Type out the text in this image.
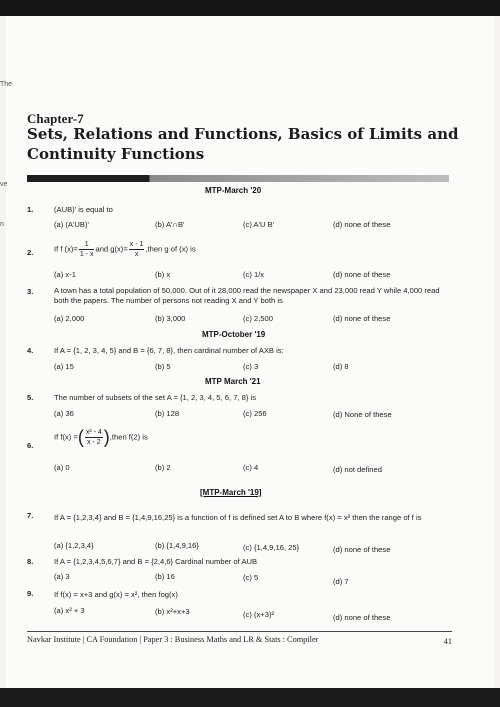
The
ve
n
Chapter-7
Sets, Relations and Functions, Basics of Limits and Continuity Functions
MTP-March '20
1.	(AUB)' is equal to
(a) (A'UB)'	(b) A'∩B'	(c) A'U B'	(d) none of these
2.	If f $(x)= \frac{1}{1 - x}$ and $g(x)= \frac{x - 1}{x}$ ,then g of (x) is
(a) x-1	(b) x	(c) 1/x	(d) none of these
3.	A town has a total population of 50,000. Out of it 28,000 read the newspaper X and 23,000 read Y while 4,000 read both the papers. The number of persons not reading X and Y both is
(a) 2,000	(b) 3,000	(c) 2,500	(d) none of these
MTP-October '19
4.	If A = {1, 2, 3, 4, 5} and B = {6, 7, 8}, then cardinal number of AXB is:
(a) 15	(b) 5	(c) 3	(d) 8
MTP March '21
5.	The number of subsets of the set A = {1, 2, 3, 4, 5, 6, 7, 8} is
(a) 36	(b) 128	(c) 256	(d) None of these
6.
If f(x) =( $\frac{\text{x² - 4}}{x - 2}$ ),then f(2) is
(a) 0	(b) 2	(c) 4	(d) not defined
[MTP-March '19]
7.	If A = {1,2,3,4} and B = {1,4,9,16,25} is a function of f is defined set A to B where f(x) = x² then the range of f is
(a) {1,2,3,4}	(b) {1,4,9,16}	(c) {1,4,9,16, 25}	(d) none of these
8.	If A = {1,2,3,4,5,6,7} and B = {2,4,6} Cardinal number of AUB
(a) 3	(b) 16	(c) 5	(d) 7
9.	If f(x) = x+3 and g(x) = x², then fog(x)
(a) x² + 3	(b) x²+x+3	(c) (x+3)²	(d) none of these
Navkar Institute | CA Foundation | Paper 3 : Business Maths and LR & Stats : Compiler	41
